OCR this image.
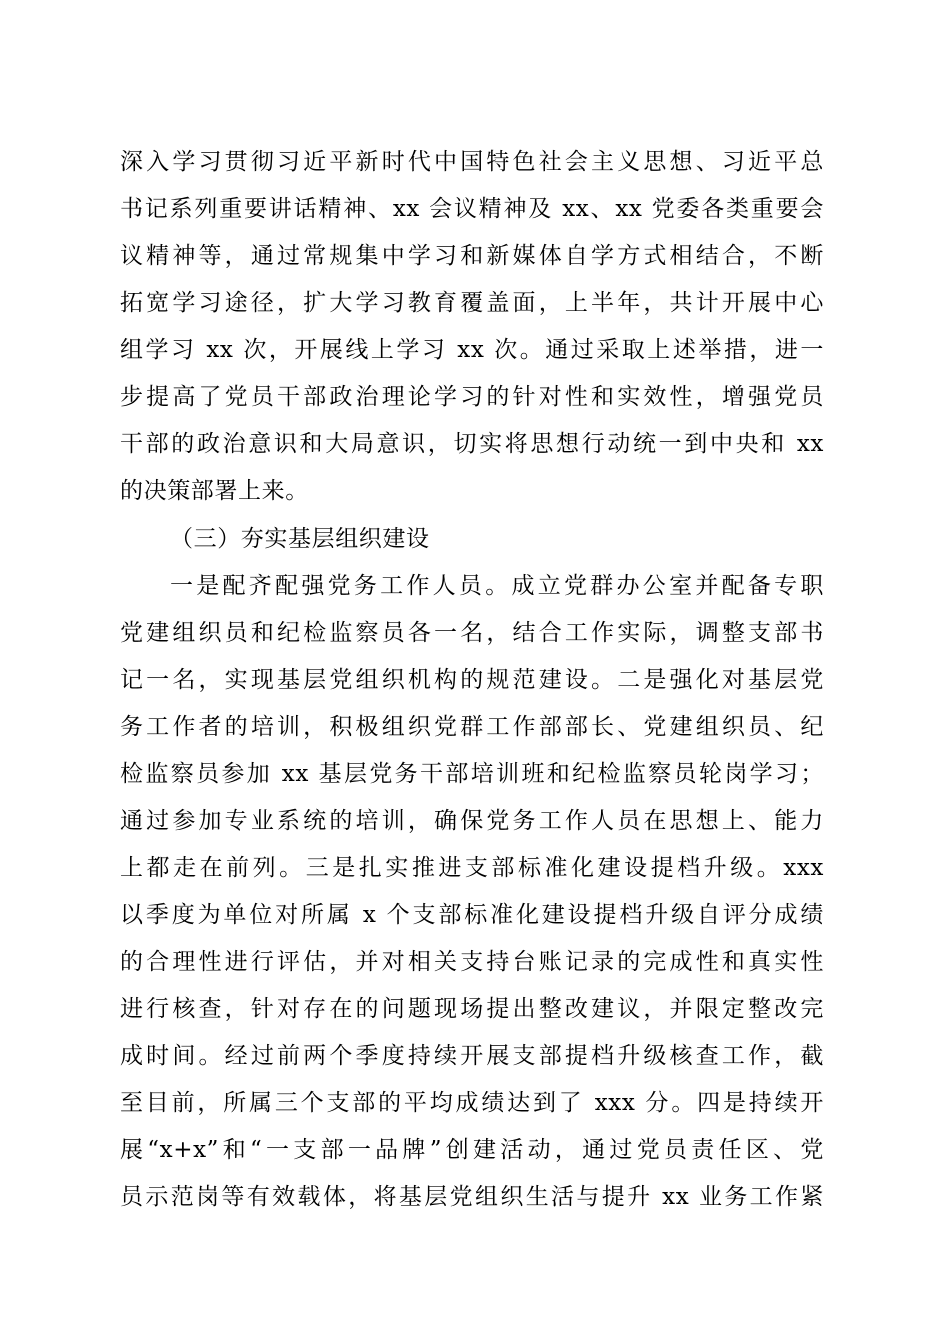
深入学习贯彻习近平新时代中国特色社会主义思想、习近平总
书记系列重要讲话精神、xx 会议精神及 xx、xx 党委各类重要会
议精神等，通过常规集中学习和新媒体自学方式相结合，不断
拓宽学习途径，扩大学习教育覆盖面，上半年，共计开展中心
组学习 xx 次，开展线上学习 xx 次。通过采取上述举措，进一
步提高了党员干部政治理论学习的针对性和实效性，增强党员
干部的政治意识和大局意识，切实将思想行动统一到中央和 xx
的决策部署上来。
（三）夯实基层组织建设
一是配齐配强党务工作人员。成立党群办公室并配备专职
党建组织员和纪检监察员各一名，结合工作实际，调整支部书
记一名，实现基层党组织机构的规范建设。二是强化对基层党
务工作者的培训，积极组织党群工作部部长、党建组织员、纪
检监察员参加 xx 基层党务干部培训班和纪检监察员轮岗学习；
通过参加专业系统的培训，确保党务工作人员在思想上、能力
上都走在前列。三是扎实推进支部标准化建设提档升级。xxx
以季度为单位对所属 x 个支部标准化建设提档升级自评分成绩
的合理性进行评估，并对相关支持台账记录的完成性和真实性
进行核查，针对存在的问题现场提出整改建议，并限定整改完
成时间。经过前两个季度持续开展支部提档升级核查工作，截
至目前，所属三个支部的平均成绩达到了 xxx 分。四是持续开
展“x+x”和“一支部一品牌”创建活动，通过党员责任区、党
员示范岗等有效载体，将基层党组织生活与提升 xx 业务工作紧
